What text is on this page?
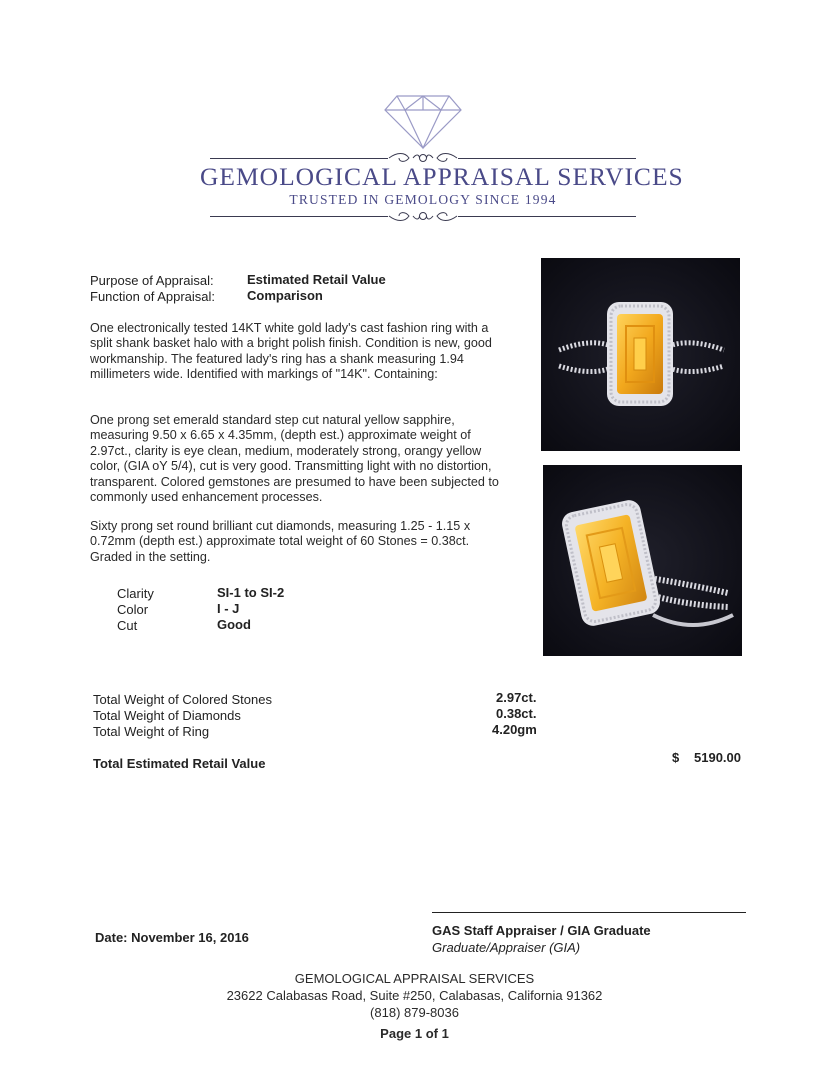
GEMOLOGICAL APPRAISAL SERVICES
TRUSTED IN GEMOLOGY SINCE 1994
Purpose of Appraisal:	Estimated Retail Value
Function of Appraisal: Comparison

One electronically tested 14KT white gold lady's cast fashion ring with a split shank basket halo with a bright polish finish. Condition is new, good workmanship. The featured lady's ring has a shank measuring 1.94 millimeters wide. Identified with markings of "14K". Containing:

One prong set emerald standard step cut natural yellow sapphire, measuring 9.50 x 6.65 x 4.35mm, (depth est.) approximate weight of 2.97ct., clarity is eye clean, medium, moderately strong, orangy yellow color, (GIA oY 5/4), cut is very good. Transmitting light with no distortion, transparent. Colored gemstones are presumed to have been subjected to commonly used enhancement processes.

Sixty prong set round brilliant cut diamonds, measuring 1.25 - 1.15 x 0.72mm (depth est.) approximate total weight of 60 Stones = 0.38ct. Graded in the setting.

Clarity	SI-1 to SI-2
Color	I - J
Cut	Good
Total Weight of Colored Stones	2.97ct.
Total Weight of Diamonds	0.38ct.
Total Weight of Ring	4.20gm
Total Estimated Retail Value	$ 5190.00
Date: November 16, 2016	GAS Staff Appraiser / GIA Graduate
Graduate/Appraiser (GIA)
GEMOLOGICAL APPRAISAL SERVICES
23622 Calabasas Road, Suite #250, Calabasas, California 91362
(818) 879-8036
Page 1 of 1
